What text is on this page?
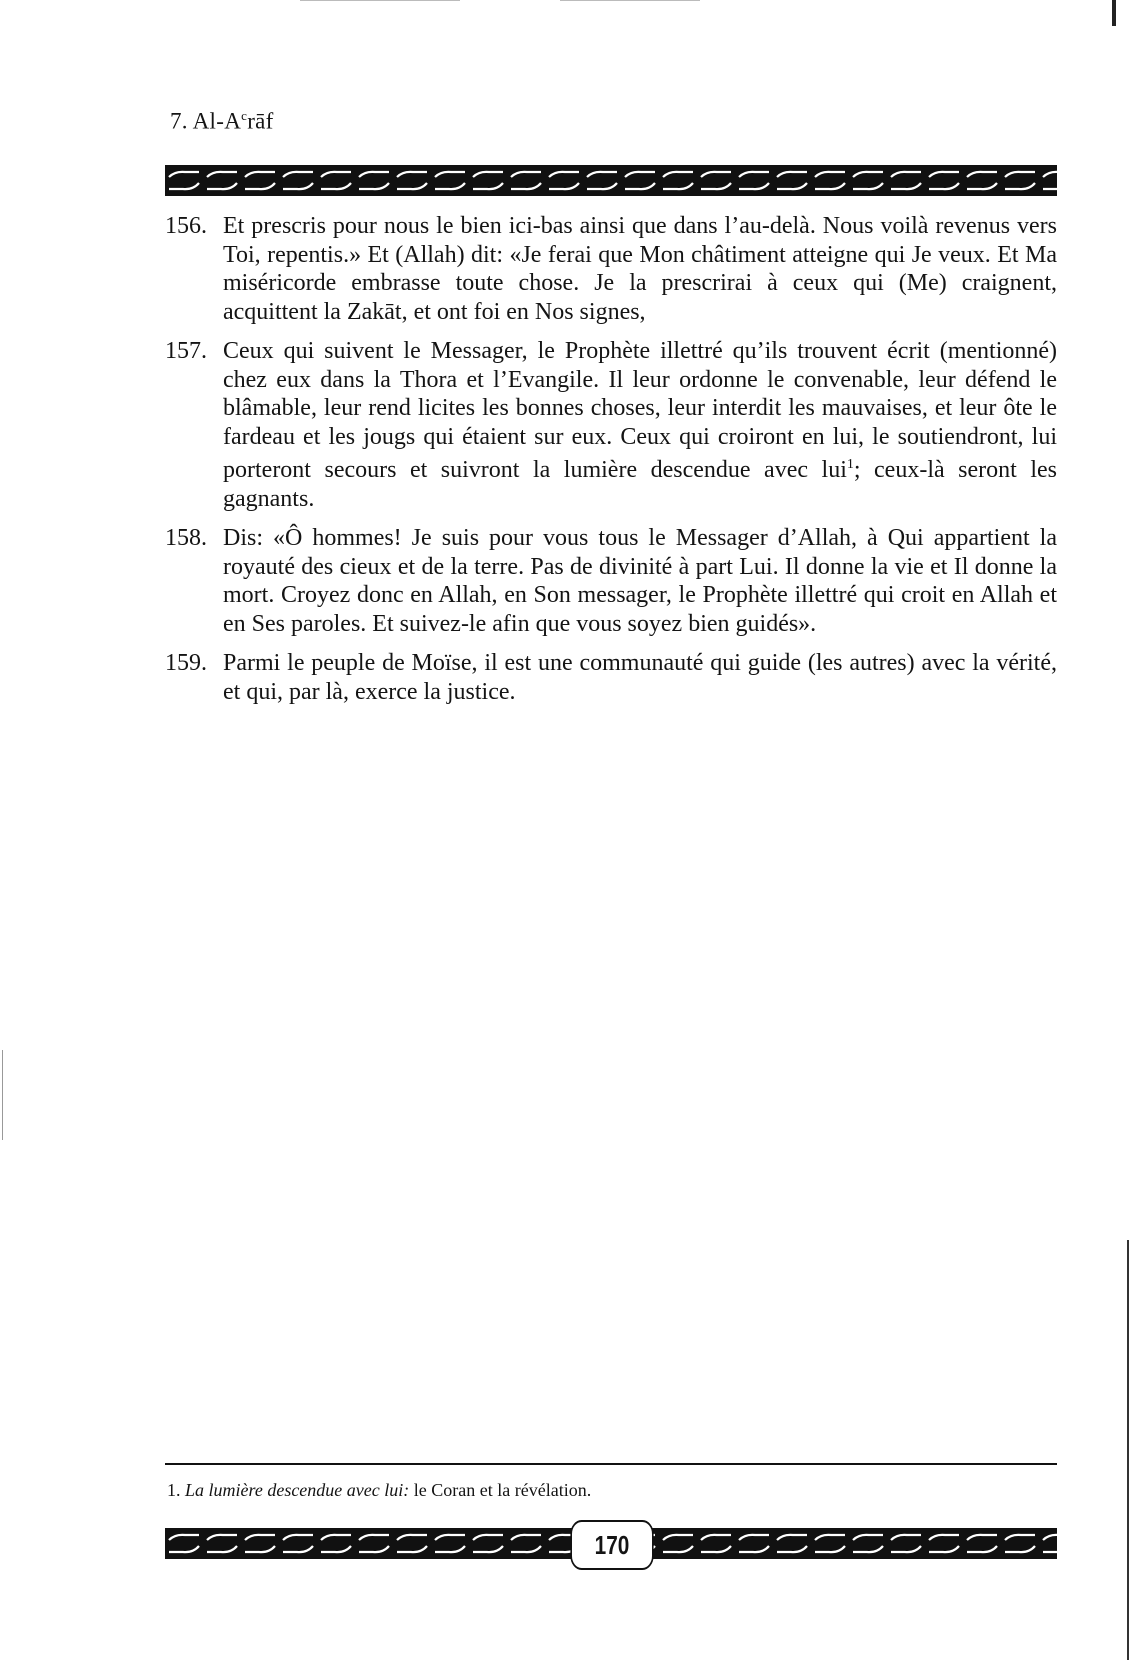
7. $Al-A^crāf$
156. Et prescris pour nous le bien ici-bas ainsi que dans l’au-delà. Nous voilà revenus vers Toi, repentis.» Et (Allah) dit: «Je ferai que Mon châtiment atteigne qui Je veux. Et Ma miséricorde embrasse toute chose. Je la prescrirai à ceux qui (Me) craignent, acquittent la Zakāt, et ont foi en Nos signes,
157. Ceux qui suivent le Messager, le Prophète illettré qu’ils trouvent écrit (mentionné) chez eux dans la Thora et l’Evangile. Il leur ordonne le convenable, leur défend le blâmable, leur rend licites les bonnes choses, leur interdit les mauvaises, et leur ôte le fardeau et les jougs qui étaient sur eux. Ceux qui croiront en lui, le soutiendront, lui porteront secours et suivront la lumière descendue avec lui$^1$; ceux-là seront les gagnants.
158. Dis: «Ô hommes! Je suis pour vous tous le Messager d’Allah, à Qui appartient la royauté des cieux et de la terre. Pas de divinité à part Lui. Il donne la vie et Il donne la mort. Croyez donc en Allah, en Son messager, le Prophète illettré qui croit en Allah et en Ses paroles. Et suivez-le afin que vous soyez bien guidés».
159. Parmi le peuple de Moïse, il est une communauté qui guide (les autres) avec la vérité, et qui, par là, exerce la justice.
1. La lumière descendue avec lui: le Coran et la révélation.
170
